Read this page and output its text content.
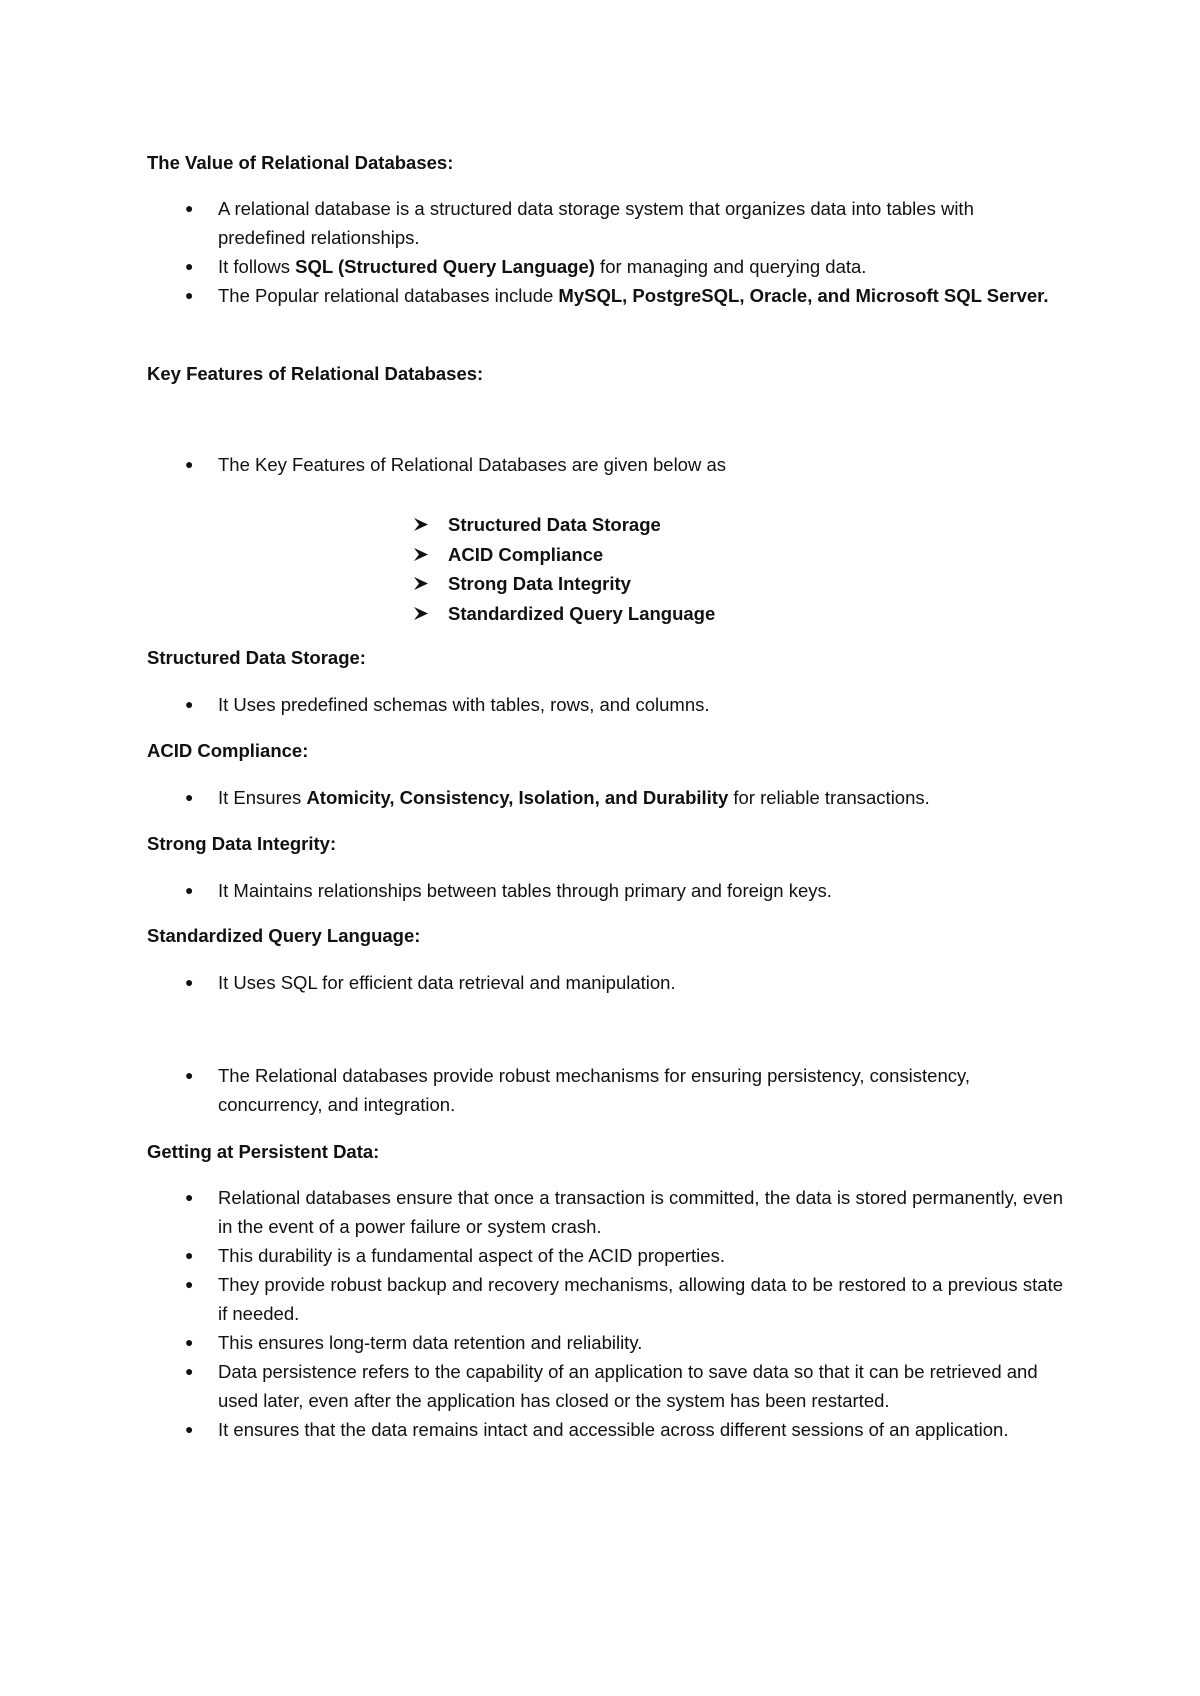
The Value of Relational Databases:
● A relational database is a structured data storage system that organizes data into tables with predefined relationships.
● It follows SQL (Structured Query Language) for managing and querying data.
● The Popular relational databases include MySQL, PostgreSQL, Oracle, and Microsoft SQL Server.
Key Features of Relational Databases:
● The Key Features of Relational Databases are given below as
Structured Data Storage
ACID Compliance
Strong Data Integrity
Standardized Query Language
Structured Data Storage:
● It Uses predefined schemas with tables, rows, and columns.
ACID Compliance:
● It Ensures Atomicity, Consistency, Isolation, and Durability for reliable transactions.
Strong Data Integrity:
● It Maintains relationships between tables through primary and foreign keys.
Standardized Query Language:
● It Uses SQL for efficient data retrieval and manipulation.
● The Relational databases provide robust mechanisms for ensuring persistency, consistency, concurrency, and integration.
Getting at Persistent Data:
● Relational databases ensure that once a transaction is committed, the data is stored permanently, even in the event of a power failure or system crash.
● This durability is a fundamental aspect of the ACID properties.
● They provide robust backup and recovery mechanisms, allowing data to be restored to a previous state if needed.
● This ensures long-term data retention and reliability.
● Data persistence refers to the capability of an application to save data so that it can be retrieved and used later, even after the application has closed or the system has been restarted.
● It ensures that the data remains intact and accessible across different sessions of an application.
